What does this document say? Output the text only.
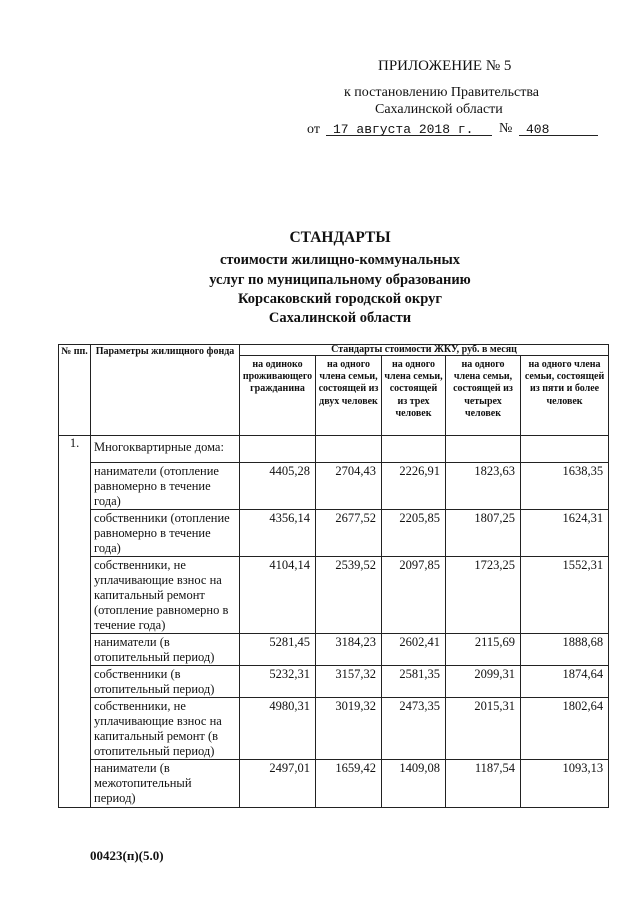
ПРИЛОЖЕНИЕ № 5
к постановлению Правительства
Сахалинской области
от 17 августа 2018 г. № 408
СТАНДАРТЫ
стоимости жилищно-коммунальных
услуг по муниципальному образованию
Корсаковский городской округ
Сахалинской области
№ пп.	Параметры жилищного фонда	Стандарты стоимости ЖКУ, руб. в месяц				
		на одиноко проживающего гражданина	на одного члена семьи, состоящей из двух человек	на одного члена семьи, состоящей из трех человек	на одного члена семьи, состоящей из четырех человек	на одного члена семьи, состоящей из пяти и более человек
1.	Многоквартирные дома:					
	наниматели (отопление равномерно в течение года)	4405,28	2704,43	2226,91	1823,63	1638,35
	собственники (отопление равномерно в течение года)	4356,14	2677,52	2205,85	1807,25	1624,31
	собственники, не уплачивающие взнос на капитальный ремонт (отопление равномерно в течение года)	4104,14	2539,52	2097,85	1723,25	1552,31
	наниматели (в отопительный период)	5281,45	3184,23	2602,41	2115,69	1888,68
	собственники (в отопительный период)	5232,31	3157,32	2581,35	2099,31	1874,64
	собственники, не уплачивающие взнос на капитальный ремонт (в отопительный период)	4980,31	3019,32	2473,35	2015,31	1802,64
	наниматели (в межотопительный период)	2497,01	1659,42	1409,08	1187,54	1093,13
00423(п)(5.0)
